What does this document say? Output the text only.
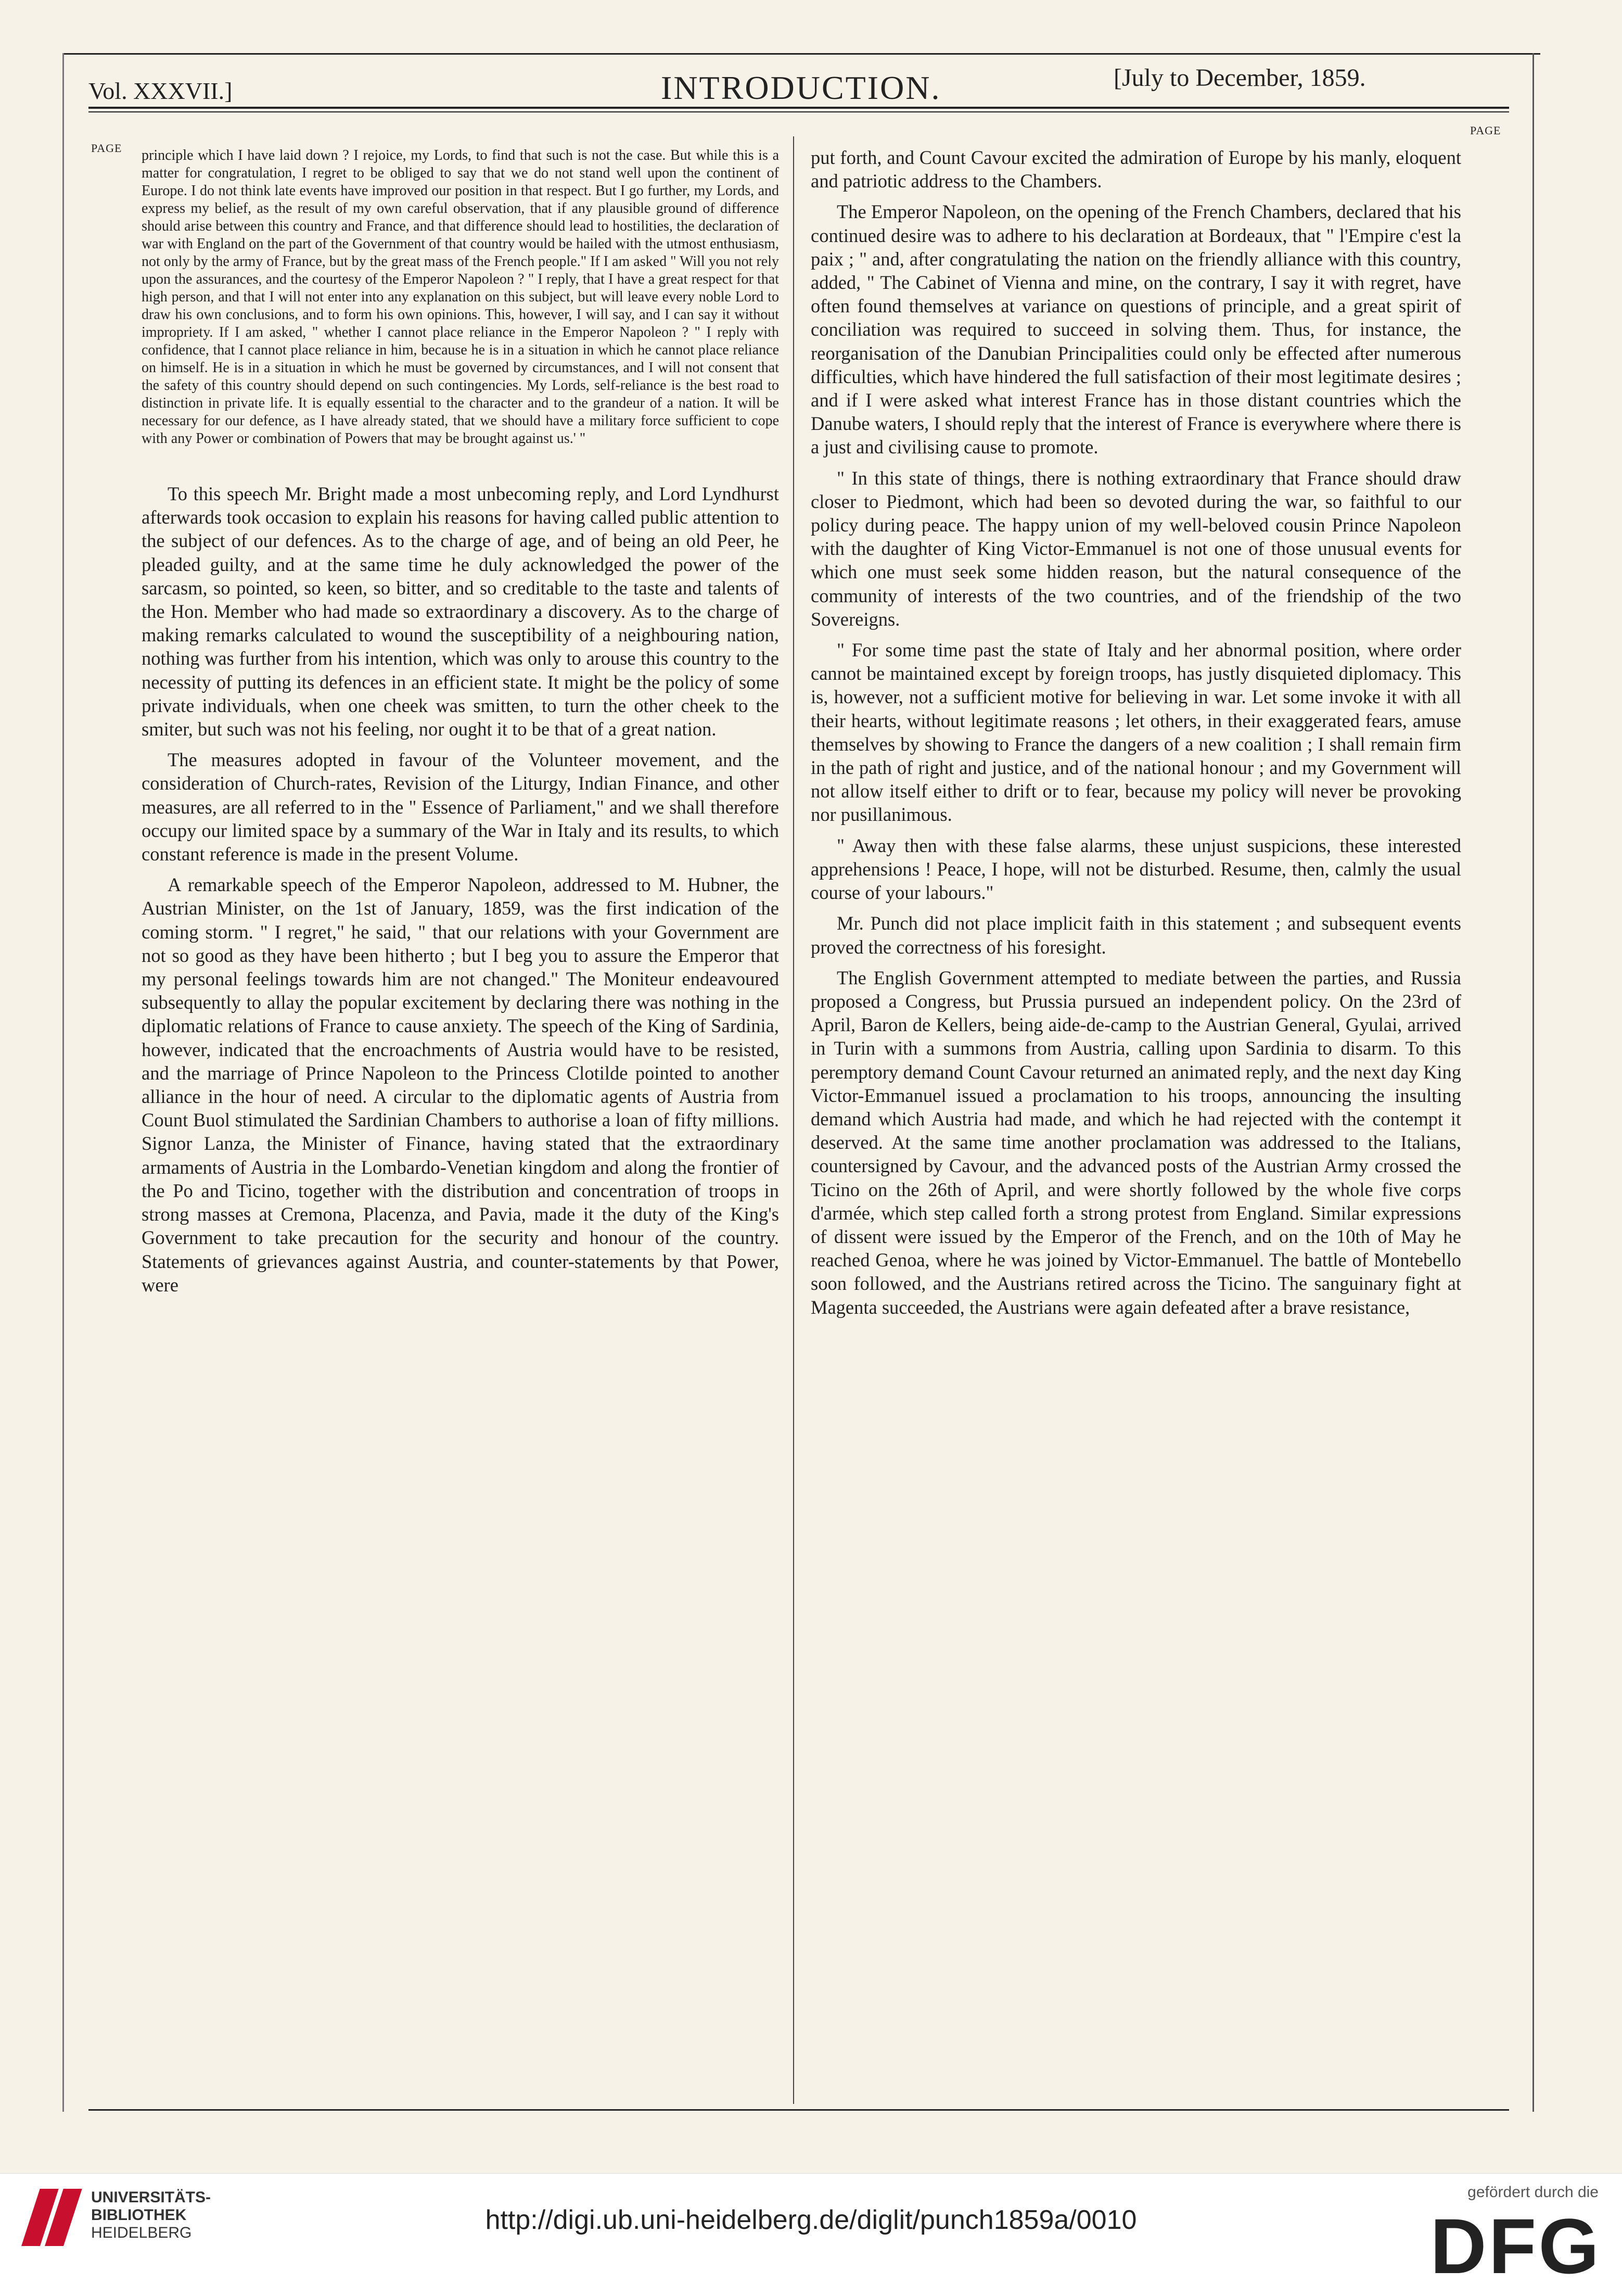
Vol. XXXVII.]	INTRODUCTION.	[July to December, 1859.
PAGE
PAGE

principle which I have laid down ? I rejoice, my Lords, to find that such is not the case. But while this is a matter for congratulation, I regret to be obliged to say that we do not stand well upon the continent of Europe. I do not think late events have improved our position in that respect. But I go further, my Lords, and express my belief, as the result of my own careful observation, that if any plausible ground of difference should arise between this country and France, and that difference should lead to hostilities, the declaration of war with England on the part of the Government of that country would be hailed with the utmost enthusiasm, not only by the army of France, but by the great mass of the French people." If I am asked " Will you not rely upon the assurances, and the courtesy of the Emperor Napoleon ? " I reply, that I have a great respect for that high person, and that I will not enter into any explanation on this subject, but will leave every noble Lord to draw his own conclusions, and to form his own opinions. This, however, I will say, and I can say it without impropriety. If I am asked, " whether I cannot place reliance in the Emperor Napoleon ? " I reply with confidence, that I cannot place reliance in him, because he is in a situation in which he cannot place reliance on himself. He is in a situation in which he must be governed by circumstances, and I will not consent that the safety of this country should depend on such contingencies. My Lords, self-reliance is the best road to distinction in private life. It is equally essential to the character and to the grandeur of a nation. It will be necessary for our defence, as I have already stated, that we should have a military force sufficient to cope with any Power or combination of Powers that may be brought against us.' "

To this speech Mr. Bright made a most unbecoming reply, and Lord Lyndhurst afterwards took occasion to explain his reasons for having called public attention to the subject of our defences. As to the charge of age, and of being an old Peer, he pleaded guilty, and at the same time he duly acknowledged the power of the sarcasm, so pointed, so keen, so bitter, and so creditable to the taste and talents of the Hon. Member who had made so extraordinary a discovery. As to the charge of making remarks calculated to wound the susceptibility of a neighbouring nation, nothing was further from his intention, which was only to arouse this country to the necessity of putting its defences in an efficient state. It might be the policy of some private individuals, when one cheek was smitten, to turn the other cheek to the smiter, but such was not his feeling, nor ought it to be that of a great nation.

The measures adopted in favour of the Volunteer movement, and the consideration of Church-rates, Revision of the Liturgy, Indian Finance, and other measures, are all referred to in the " Essence of Parliament," and we shall therefore occupy our limited space by a summary of the War in Italy and its results, to which constant reference is made in the present Volume.

A remarkable speech of the Emperor Napoleon, addressed to M. Hubner, the Austrian Minister, on the 1st of January, 1859, was the first indication of the coming storm. " I regret," he said, " that our relations with your Government are not so good as they have been hitherto ; but I beg you to assure the Emperor that my personal feelings towards him are not changed." The Moniteur endeavoured subsequently to allay the popular excitement by declaring there was nothing in the diplomatic relations of France to cause anxiety. The speech of the King of Sardinia, however, indicated that the encroachments of Austria would have to be resisted, and the marriage of Prince Napoleon to the Princess Clotilde pointed to another alliance in the hour of need. A circular to the diplomatic agents of Austria from Count Buol stimulated the Sardinian Chambers to authorise a loan of fifty millions. Signor Lanza, the Minister of Finance, having stated that the extraordinary armaments of Austria in the Lombardo-Venetian kingdom and along the frontier of the Po and Ticino, together with the distribution and concentration of troops in strong masses at Cremona, Placenza, and Pavia, made it the duty of the King's Government to take precaution for the security and honour of the country. Statements of grievances against Austria, and counter-statements by that Power, were

put forth, and Count Cavour excited the admiration of Europe by his manly, eloquent and patriotic address to the Chambers.

The Emperor Napoleon, on the opening of the French Chambers, declared that his continued desire was to adhere to his declaration at Bordeaux, that " l'Empire c'est la paix ; " and, after congratulating the nation on the friendly alliance with this country, added, " The Cabinet of Vienna and mine, on the contrary, I say it with regret, have often found themselves at variance on questions of principle, and a great spirit of conciliation was required to succeed in solving them. Thus, for instance, the reorganisation of the Danubian Principalities could only be effected after numerous difficulties, which have hindered the full satisfaction of their most legitimate desires ; and if I were asked what interest France has in those distant countries which the Danube waters, I should reply that the interest of France is everywhere where there is a just and civilising cause to promote.

" In this state of things, there is nothing extraordinary that France should draw closer to Piedmont, which had been so devoted during the war, so faithful to our policy during peace. The happy union of my well-beloved cousin Prince Napoleon with the daughter of King Victor-Emmanuel is not one of those unusual events for which one must seek some hidden reason, but the natural consequence of the community of interests of the two countries, and of the friendship of the two Sovereigns.

" For some time past the state of Italy and her abnormal position, where order cannot be maintained except by foreign troops, has justly disquieted diplomacy. This is, however, not a sufficient motive for believing in war. Let some invoke it with all their hearts, without legitimate reasons ; let others, in their exaggerated fears, amuse themselves by showing to France the dangers of a new coalition ; I shall remain firm in the path of right and justice, and of the national honour ; and my Government will not allow itself either to drift or to fear, because my policy will never be provoking nor pusillanimous.

" Away then with these false alarms, these unjust suspicions, these interested apprehensions ! Peace, I hope, will not be disturbed. Resume, then, calmly the usual course of your labours."

Mr. Punch did not place implicit faith in this statement ; and subsequent events proved the correctness of his foresight.

The English Government attempted to mediate between the parties, and Russia proposed a Congress, but Prussia pursued an independent policy. On the 23rd of April, Baron de Kellers, being aide-de-camp to the Austrian General, Gyulai, arrived in Turin with a summons from Austria, calling upon Sardinia to disarm. To this peremptory demand Count Cavour returned an animated reply, and the next day King Victor-Emmanuel issued a proclamation to his troops, announcing the insulting demand which Austria had made, and which he had rejected with the contempt it deserved. At the same time another proclamation was addressed to the Italians, countersigned by Cavour, and the advanced posts of the Austrian Army crossed the Ticino on the 26th of April, and were shortly followed by the whole five corps d'armée, which step called forth a strong protest from England. Similar expressions of dissent were issued by the Emperor of the French, and on the 10th of May he reached Genoa, where he was joined by Victor-Emmanuel. The battle of Montebello soon followed, and the Austrians retired across the Ticino. The sanguinary fight at Magenta succeeded, the Austrians were again defeated after a brave resistance,

UNIVERSITÄTS-
BIBLIOTHEK
HEIDELBERG	http://digi.ub.uni-heidelberg.de/diglit/punch1859a/0010
gefördert durch die
DFG
